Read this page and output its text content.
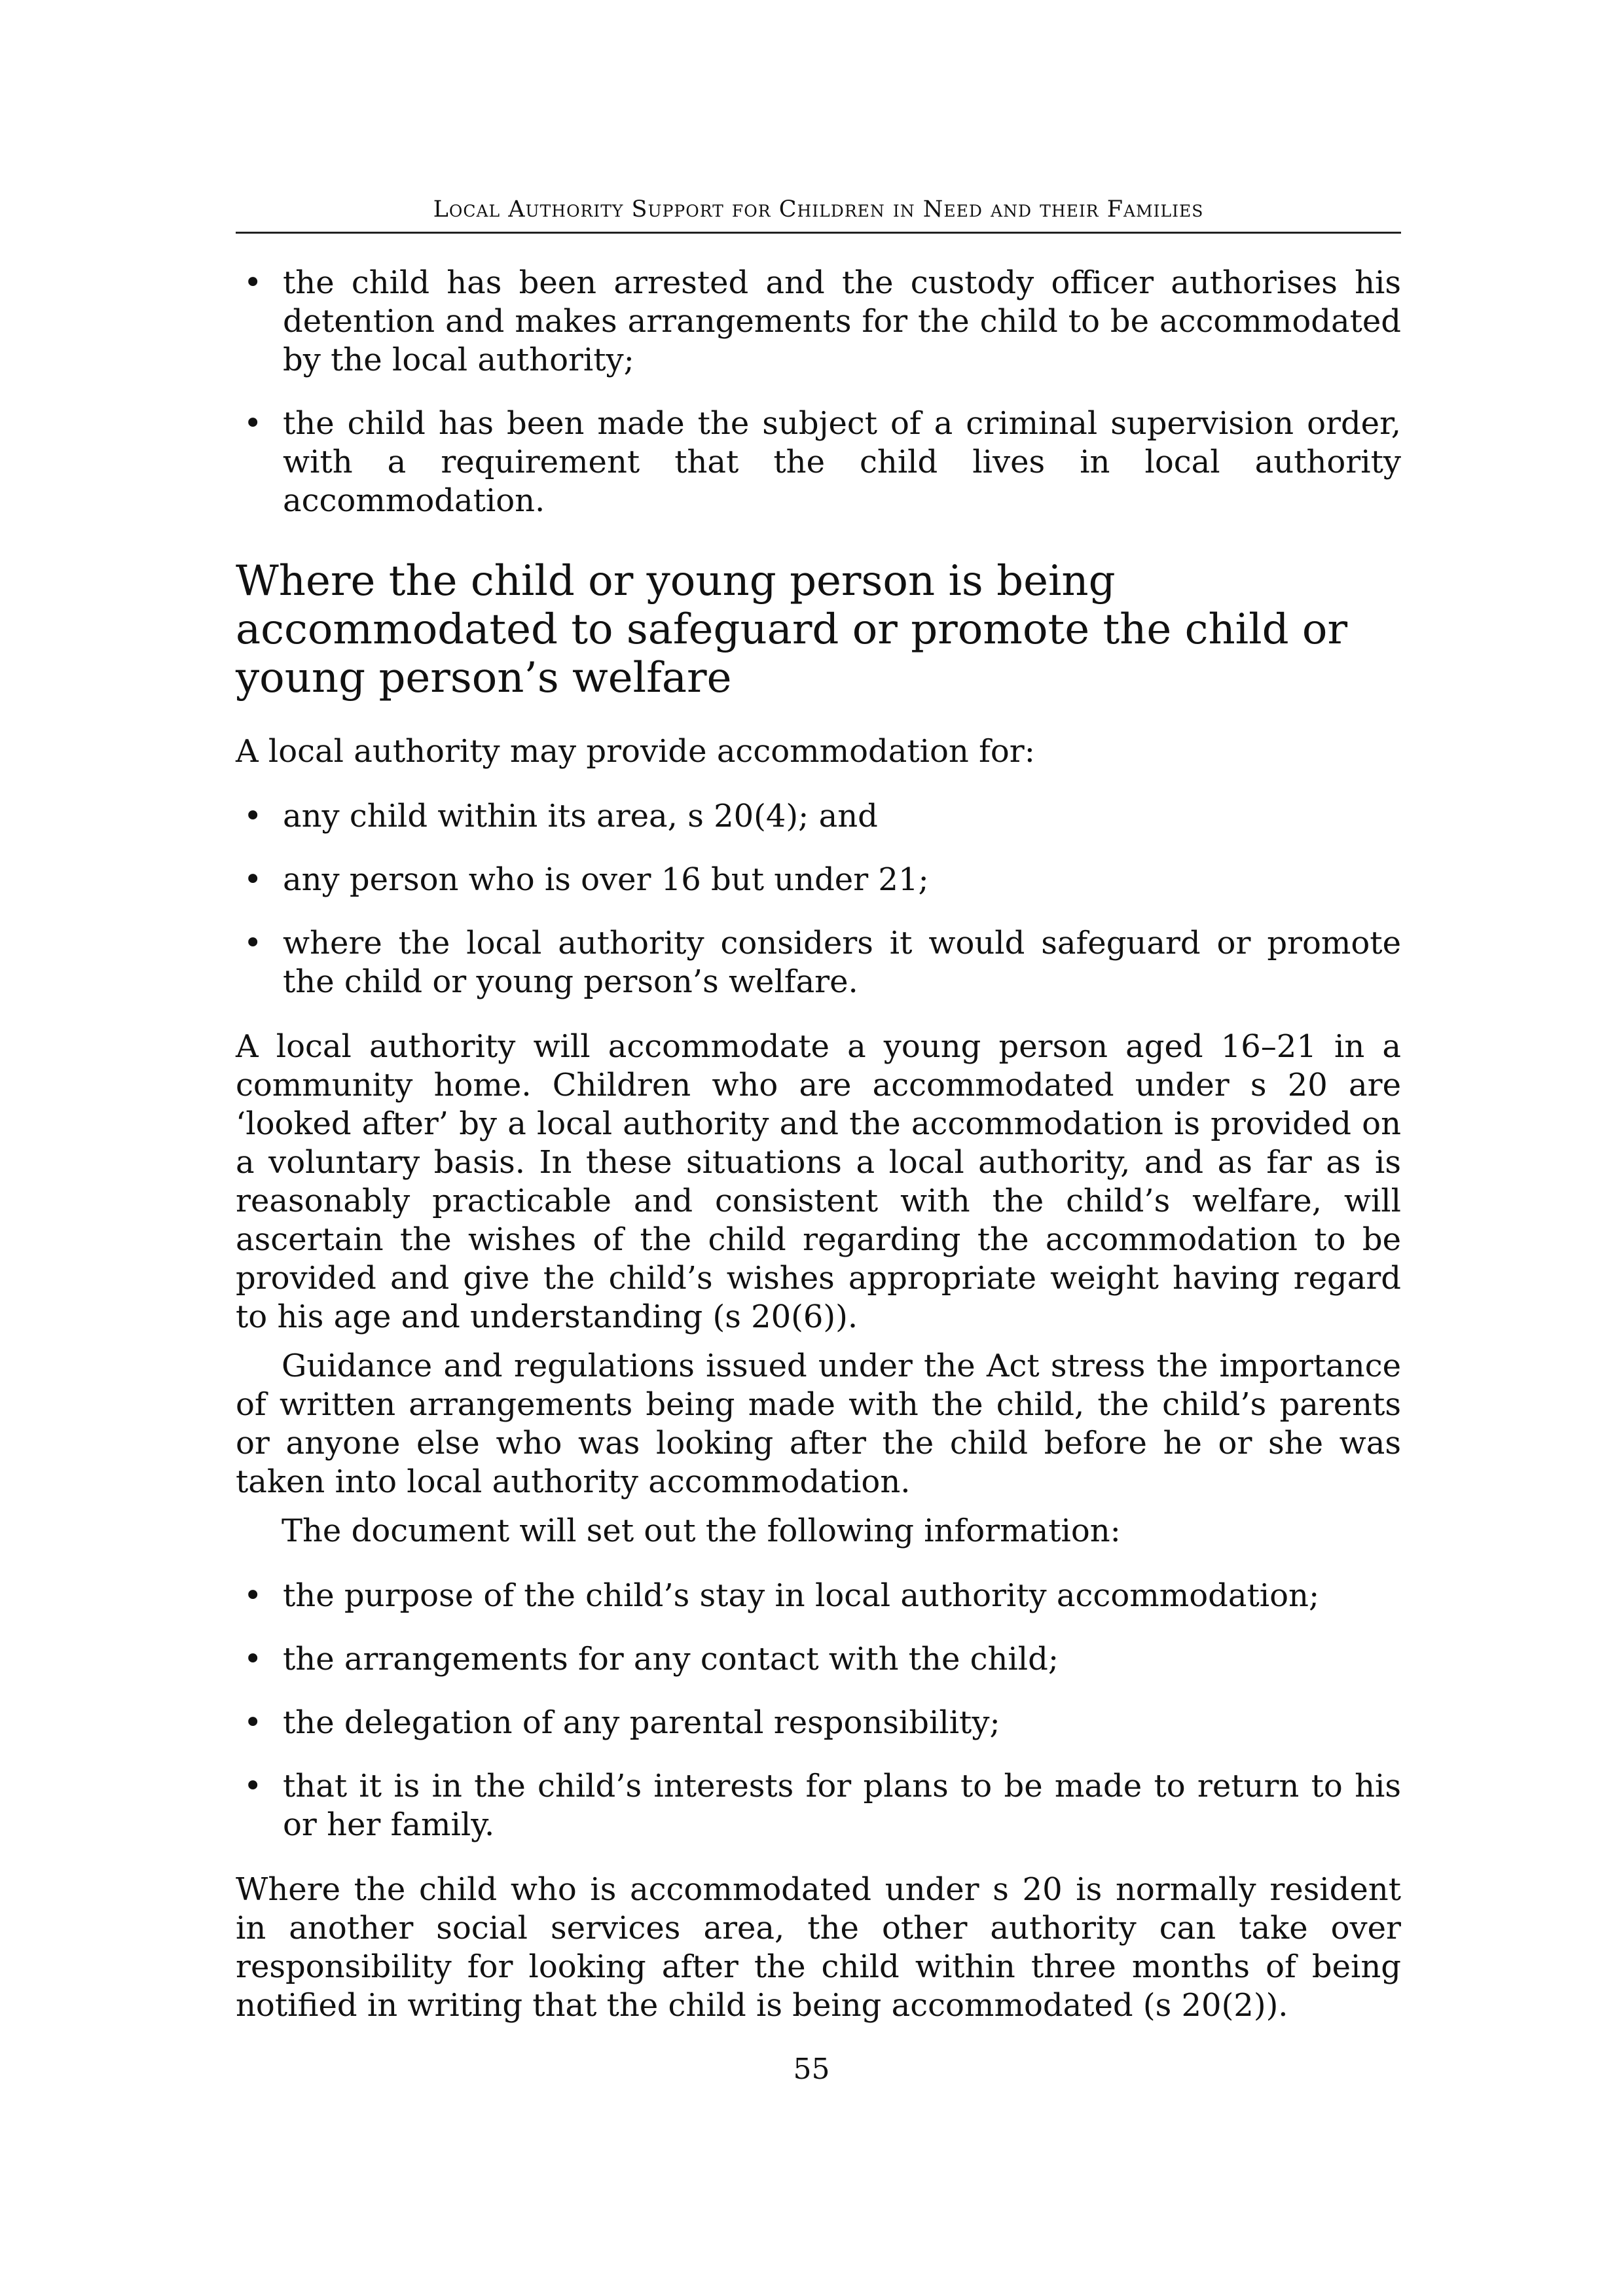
Local Authority Support for Children in Need and their Families
• the child has been arrested and the custody officer authorises his detention and makes arrangements for the child to be accommodated by the local authority;
• the child has been made the subject of a criminal supervision order, with a requirement that the child lives in local authority accommodation.
Where the child or young person is being accommodated to safeguard or promote the child or young person’s welfare

A local authority may provide accommodation for:

• any child within its area, s 20(4); and
• any person who is over 16 but under 21;
• where the local authority considers it would safeguard or promote the child or young person’s welfare.

A local authority will accommodate a young person aged 16–21 in a community home. Children who are accommodated under s 20 are ‘looked after’ by a local authority and the accommodation is provided on a voluntary basis. In these situations a local authority, and as far as is reasonably practicable and consistent with the child’s welfare, will ascertain the wishes of the child regarding the accommodation to be provided and give the child’s wishes appropriate weight having regard to his age and understanding (s 20(6)).

Guidance and regulations issued under the Act stress the importance of written arrangements being made with the child, the child’s parents or anyone else who was looking after the child before he or she was taken into local authority accommodation.

The document will set out the following information:

• the purpose of the child’s stay in local authority accommodation;
• the arrangements for any contact with the child;
• the delegation of any parental responsibility;
• that it is in the child’s interests for plans to be made to return to his or her family.

Where the child who is accommodated under s 20 is normally resident in another social services area, the other authority can take over responsibility for looking after the child within three months of being notified in writing that the child is being accommodated (s 20(2)).

55
